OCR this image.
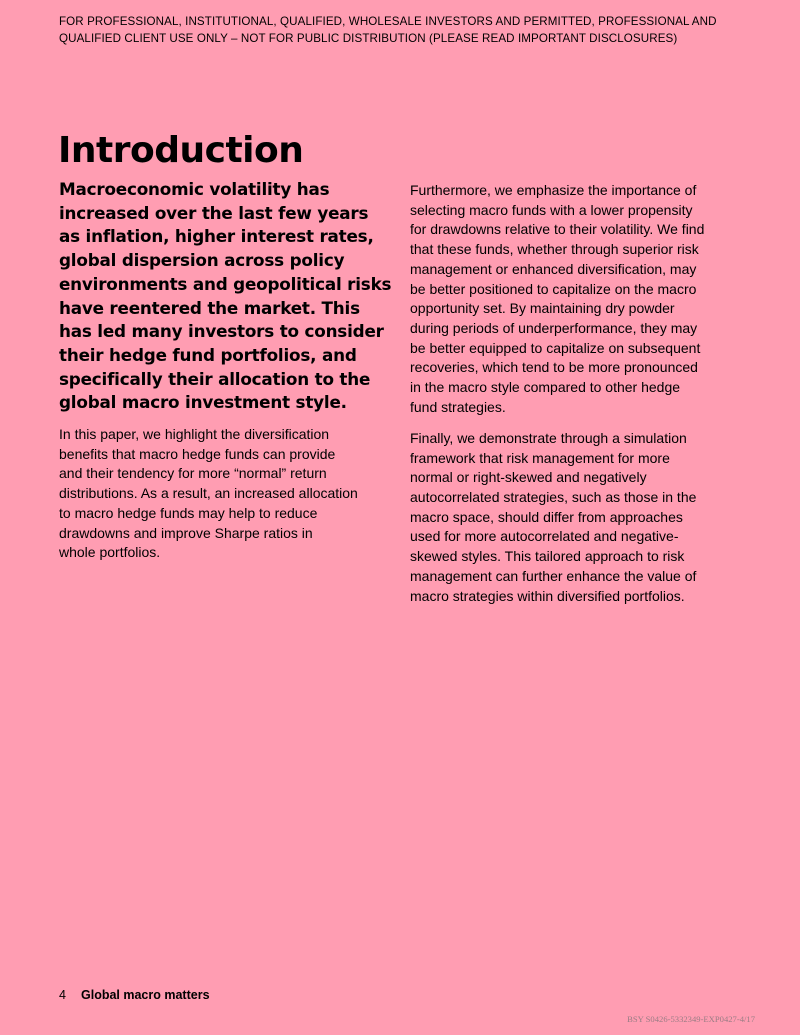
FOR PROFESSIONAL, INSTITUTIONAL, QUALIFIED, WHOLESALE INVESTORS AND PERMITTED, PROFESSIONAL AND
QUALIFIED CLIENT USE ONLY – NOT FOR PUBLIC DISTRIBUTION (PLEASE READ IMPORTANT DISCLOSURES)
Introduction
Macroeconomic volatility has
increased over the last few years
as inflation, higher interest rates,
global dispersion across policy
environments and geopolitical risks
have reentered the market. This
has led many investors to consider
their hedge fund portfolios, and
specifically their allocation to the
global macro investment style.
In this paper, we highlight the diversification
benefits that macro hedge funds can provide
and their tendency for more “normal” return
distributions. As a result, an increased allocation
to macro hedge funds may help to reduce
drawdowns and improve Sharpe ratios in
whole portfolios.

Furthermore, we emphasize the importance of
selecting macro funds with a lower propensity
for drawdowns relative to their volatility. We find
that these funds, whether through superior risk
management or enhanced diversification, may
be better positioned to capitalize on the macro
opportunity set. By maintaining dry powder
during periods of underperformance, they may
be better equipped to capitalize on subsequent
recoveries, which tend to be more pronounced
in the macro style compared to other hedge
fund strategies.

Finally, we demonstrate through a simulation
framework that risk management for more
normal or right-skewed and negatively
autocorrelated strategies, such as those in the
macro space, should differ from approaches
used for more autocorrelated and negative-
skewed styles. This tailored approach to risk
management can further enhance the value of
macro strategies within diversified portfolios.

4 Global macro matters
BSY S0426-5332349-EXP0427-4/17
